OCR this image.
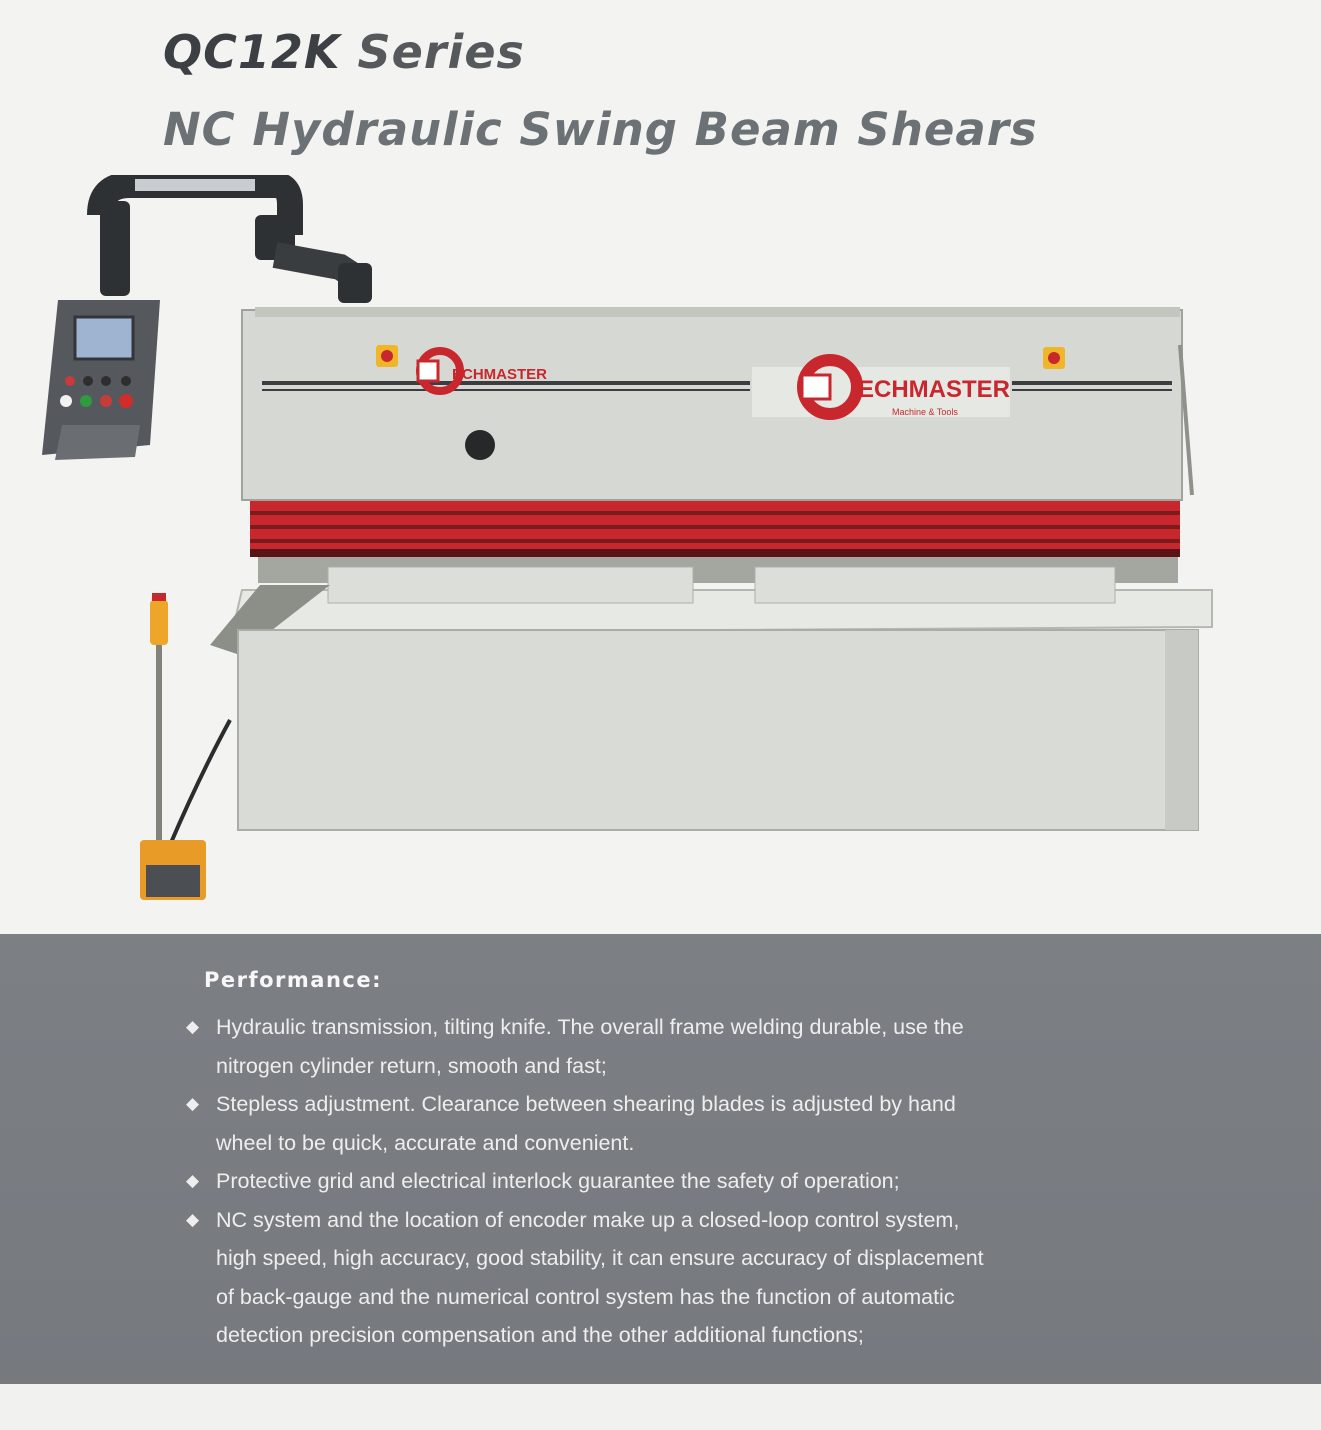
QC12K Series
NC Hydraulic Swing Beam Shears
ECHMASTER
ECHMASTER
Machine & Tools
Performance:
◆ Hydraulic transmission, tilting knife. The overall frame welding durable, use the
nitrogen cylinder return, smooth and fast;
◆ Stepless adjustment. Clearance between shearing blades is adjusted by hand
wheel to be quick, accurate and convenient.
◆ Protective grid and electrical interlock guarantee the safety of operation;
◆ NC system and the location of encoder make up a closed-loop control system,
high speed, high accuracy, good stability, it can ensure accuracy of displacement
of back-gauge and the numerical control system has the function of automatic
detection precision compensation and the other additional functions;
